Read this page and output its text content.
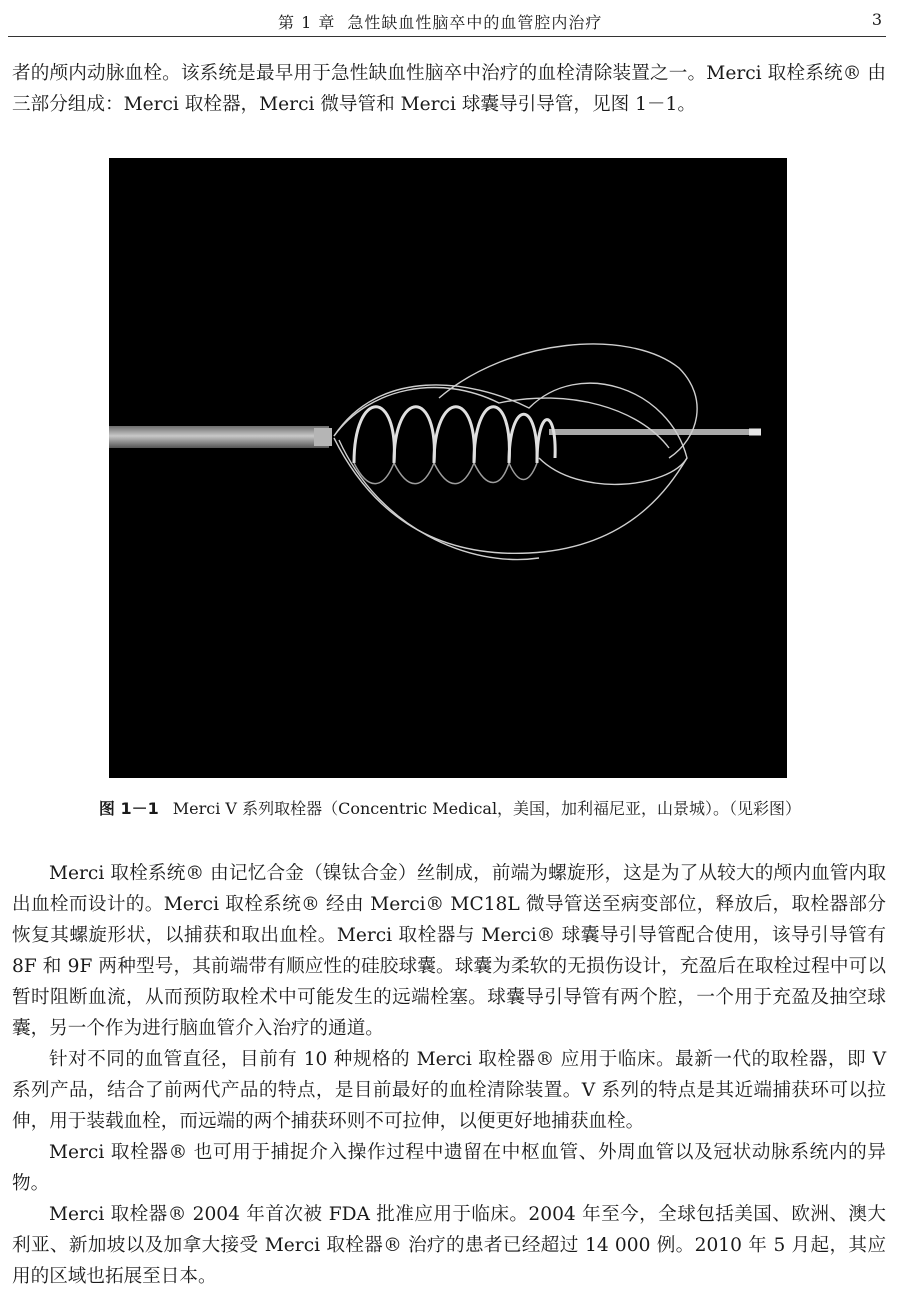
第 1 章 急性缺血性脑卒中的血管腔内治疗	3

者的颅内动脉血栓。该系统是最早用于急性缺血性脑卒中治疗的血栓清除装置之一。Merci 取栓系统® 由三部分组成：Merci 取栓器，Merci 微导管和 Merci 球囊导引导管，见图 1－1。

图 1－1 Merci V 系列取栓器（Concentric Medical，美国，加利福尼亚，山景城）。（见彩图）

Merci 取栓系统® 由记忆合金（镍钛合金）丝制成，前端为螺旋形，这是为了从较大的颅内血管内取出血栓而设计的。Merci 取栓系统® 经由 Merci® MC18L 微导管送至病变部位，释放后，取栓器部分恢复其螺旋形状，以捕获和取出血栓。Merci 取栓器与 Merci® 球囊导引导管配合使用，该导引导管有 8F 和 9F 两种型号，其前端带有顺应性的硅胶球囊。球囊为柔软的无损伤设计，充盈后在取栓过程中可以暂时阻断血流，从而预防取栓术中可能发生的远端栓塞。球囊导引导管有两个腔，一个用于充盈及抽空球囊，另一个作为进行脑血管介入治疗的通道。

针对不同的血管直径，目前有 10 种规格的 Merci 取栓器® 应用于临床。最新一代的取栓器，即 V 系列产品，结合了前两代产品的特点，是目前最好的血栓清除装置。V 系列的特点是其近端捕获环可以拉伸，用于装载血栓，而远端的两个捕获环则不可拉伸，以便更好地捕获血栓。

Merci 取栓器® 也可用于捕捉介入操作过程中遗留在中枢血管、外周血管以及冠状动脉系统内的异物。

Merci 取栓器® 2004 年首次被 FDA 批准应用于临床。2004 年至今，全球包括美国、欧洲、澳大利亚、新加坡以及加拿大接受 Merci 取栓器® 治疗的患者已经超过 14 000 例。2010 年 5 月起，其应用的区域也拓展至日本。
